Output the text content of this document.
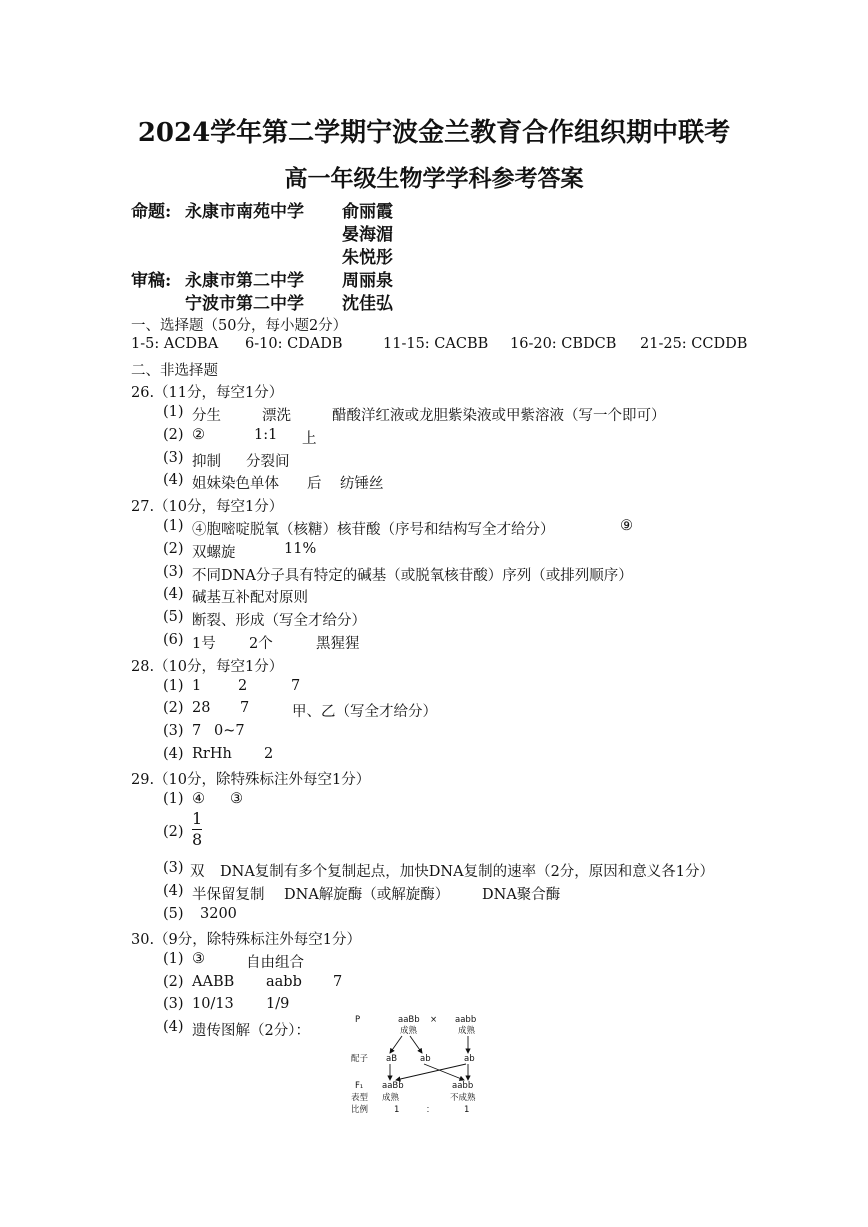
2024学年第二学期宁波金兰教育合作组织期中联考
高一年级生物学学科参考答案
命题: 永康市南苑中学 俞丽霞
晏海湄
朱悦彤
审稿: 永康市第二中学 周丽泉
宁波市第二中学 沈佳弘
一、选择题（50分，每小题2分）
1-5: ACDBA 6-10: CDADB	11-15: CACBB 16-20: CBDCB 21-25: CCDDB
二、非选择题
26.（11分，每空1分）
(1) 分生	漂洗	醋酸洋红液或龙胆紫染液或甲紫溶液（写一个即可）
(2) ②	1:1 上
(3) 抑制 分裂间
(4) 姐妹染色单体 后 纺锤丝
27.（10分，每空1分）
(1) ④胞嘧啶脱氧（核糖）核苷酸（序号和结构写全才给分）	⑨
(2) 双螺旋	11%
(3) 不同DNA分子具有特定的碱基（或脱氧核苷酸）序列（或排列顺序）
(4) 碱基互补配对原则
(5) 断裂、形成（写全才给分）
(6) 1号 2个	黑猩猩
28.（10分，每空1分）
(1) 1	2	7
(2) 28 7	甲、乙（写全才给分）
(3) 7 0~7
(4) RrHh 2
29.（10分，除特殊标注外每空1分）
(1) ④ ③
$(2) \frac{1}{8}$
(3) 双 DNA复制有多个复制起点，加快DNA复制的速率（2分，原因和意义各1分）
(4) 半保留复制 DNA解旋酶（或解旋酶） DNA聚合酶
(5) 3200
30.（9分，除特殊标注外每空1分）
(1) ③	自由组合
(2) AABB aabb 7
(3) 10/13 1/9
(4) 遗传图解（2分）：
P	aaBb
成熟
× aabb
成熟
配子 aB	ab	ab
F₁ aaBb	aabb
表型 成熟	不成熟
比例	1	：	1
